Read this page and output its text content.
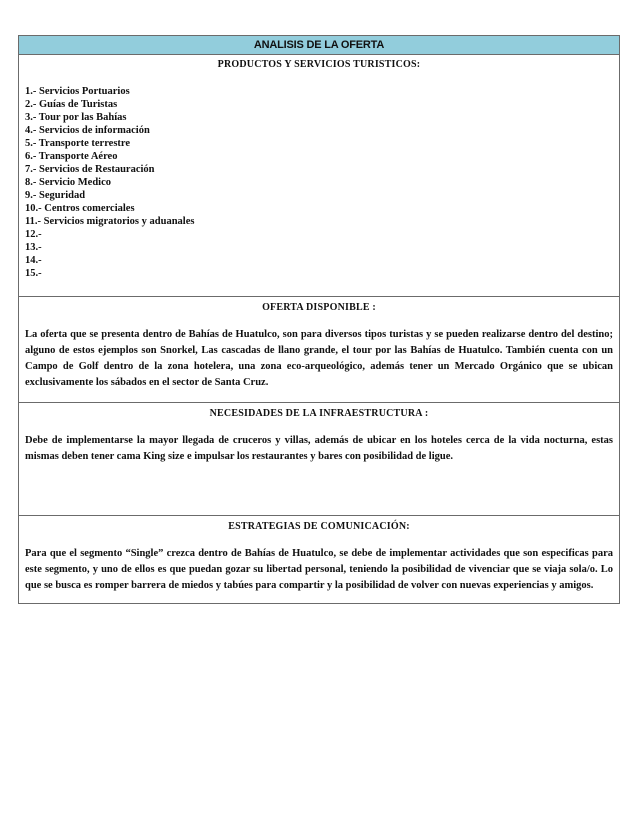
ANALISIS DE LA OFERTA
PRODUCTOS Y SERVICIOS TURISTICOS:
1.- Servicios Portuarios
2.- Guías de Turistas
3.- Tour por las Bahías
4.- Servicios de información
5.- Transporte terrestre
6.- Transporte Aéreo
7.- Servicios de Restauración
8.- Servicio Medico
9.- Seguridad
10.- Centros comerciales
11.- Servicios migratorios y aduanales
12.-
13.-
14.-
15.-
OFERTA DISPONIBLE :

La oferta que se presenta dentro de Bahías de Huatulco, son para diversos tipos turistas y se pueden realizarse dentro del destino; alguno de estos ejemplos son Snorkel, Las cascadas de llano grande, el tour por las Bahías de Huatulco. También cuenta con un Campo de Golf dentro de la zona hotelera, una zona eco-arqueológico, además tener un Mercado Orgánico que se ubican exclusivamente los sábados en el sector de Santa Cruz.

NECESIDADES DE LA INFRAESTRUCTURA :

Debe de implementarse la mayor llegada de cruceros y villas, además de ubicar en los hoteles cerca de la vida nocturna, estas mismas deben tener cama King size e impulsar los restaurantes y bares con posibilidad de ligue.

ESTRATEGIAS DE COMUNICACIÓN:

Para que el segmento “Single” crezca dentro de Bahías de Huatulco, se debe de implementar actividades que son especificas para este segmento, y uno de ellos es que puedan gozar su libertad personal, teniendo la posibilidad de vivenciar que se viaja sola/o. Lo que se busca es romper barrera de miedos y tabúes para compartir y la posibilidad de volver con nuevas experiencias y amigos.
